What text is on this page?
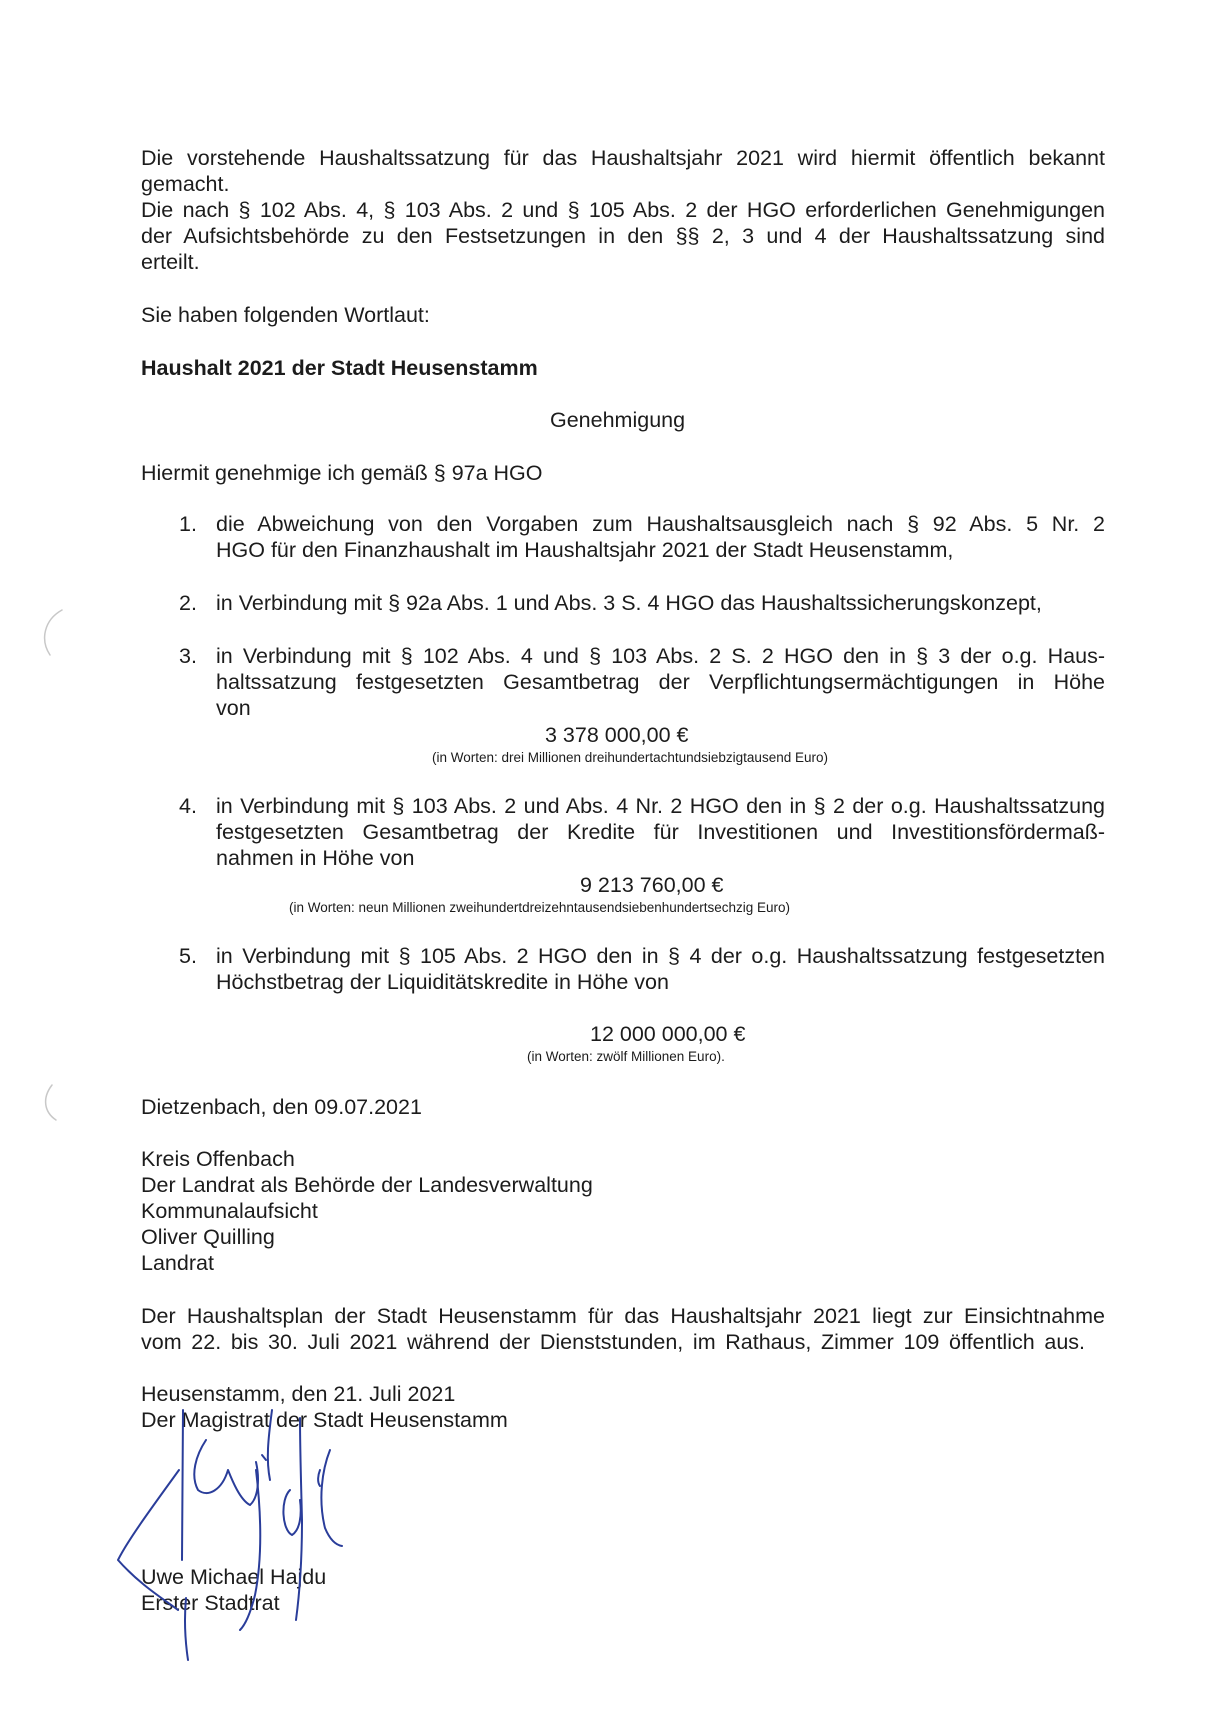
Die vorstehende Haushaltssatzung für das Haushaltsjahr 2021 wird hiermit öffentlich bekannt
gemacht.
Die nach § 102 Abs. 4, § 103 Abs. 2 und § 105 Abs. 2 der HGO erforderlichen Genehmigungen
der Aufsichtsbehörde zu den Festsetzungen in den §§ 2, 3 und 4 der Haushaltssatzung sind
erteilt.
Sie haben folgenden Wortlaut:
Haushalt 2021 der Stadt Heusenstamm
Genehmigung
Hiermit genehmige ich gemäß § 97a HGO
1. die Abweichung von den Vorgaben zum Haushaltsausgleich nach § 92 Abs. 5 Nr. 2
HGO für den Finanzhaushalt im Haushaltsjahr 2021 der Stadt Heusenstamm,
2. in Verbindung mit § 92a Abs. 1 und Abs. 3 S. 4 HGO das Haushaltssicherungskonzept,
3. in Verbindung mit § 102 Abs. 4 und § 103 Abs. 2 S. 2 HGO den in § 3 der o.g. Haus-
haltssatzung festgesetzten Gesamtbetrag der Verpflichtungsermächtigungen in Höhe
von
3 378 000,00 €
(in Worten: drei Millionen dreihundertachtundsiebzigtausend Euro)
4. in Verbindung mit § 103 Abs. 2 und Abs. 4 Nr. 2 HGO den in § 2 der o.g. Haushaltssatzung
festgesetzten Gesamtbetrag der Kredite für Investitionen und Investitionsfördermaß-
nahmen in Höhe von
9 213 760,00 €
(in Worten: neun Millionen zweihundertdreizehntausendsiebenhundertsechzig Euro)
5. in Verbindung mit § 105 Abs. 2 HGO den in § 4 der o.g. Haushaltssatzung festgesetzten
Höchstbetrag der Liquiditätskredite in Höhe von
12 000 000,00 €
(in Worten: zwölf Millionen Euro).
Dietzenbach, den 09.07.2021
Kreis Offenbach
Der Landrat als Behörde der Landesverwaltung
Kommunalaufsicht
Oliver Quilling
Landrat
Der Haushaltsplan der Stadt Heusenstamm für das Haushaltsjahr 2021 liegt zur Einsichtnahme
vom 22. bis 30. Juli 2021 während der Dienststunden, im Rathaus, Zimmer 109 öffentlich aus.
Heusenstamm, den 21. Juli 2021
Der Magistrat der Stadt Heusenstamm
Uwe Michael Hajdu
Erster Stadtrat
